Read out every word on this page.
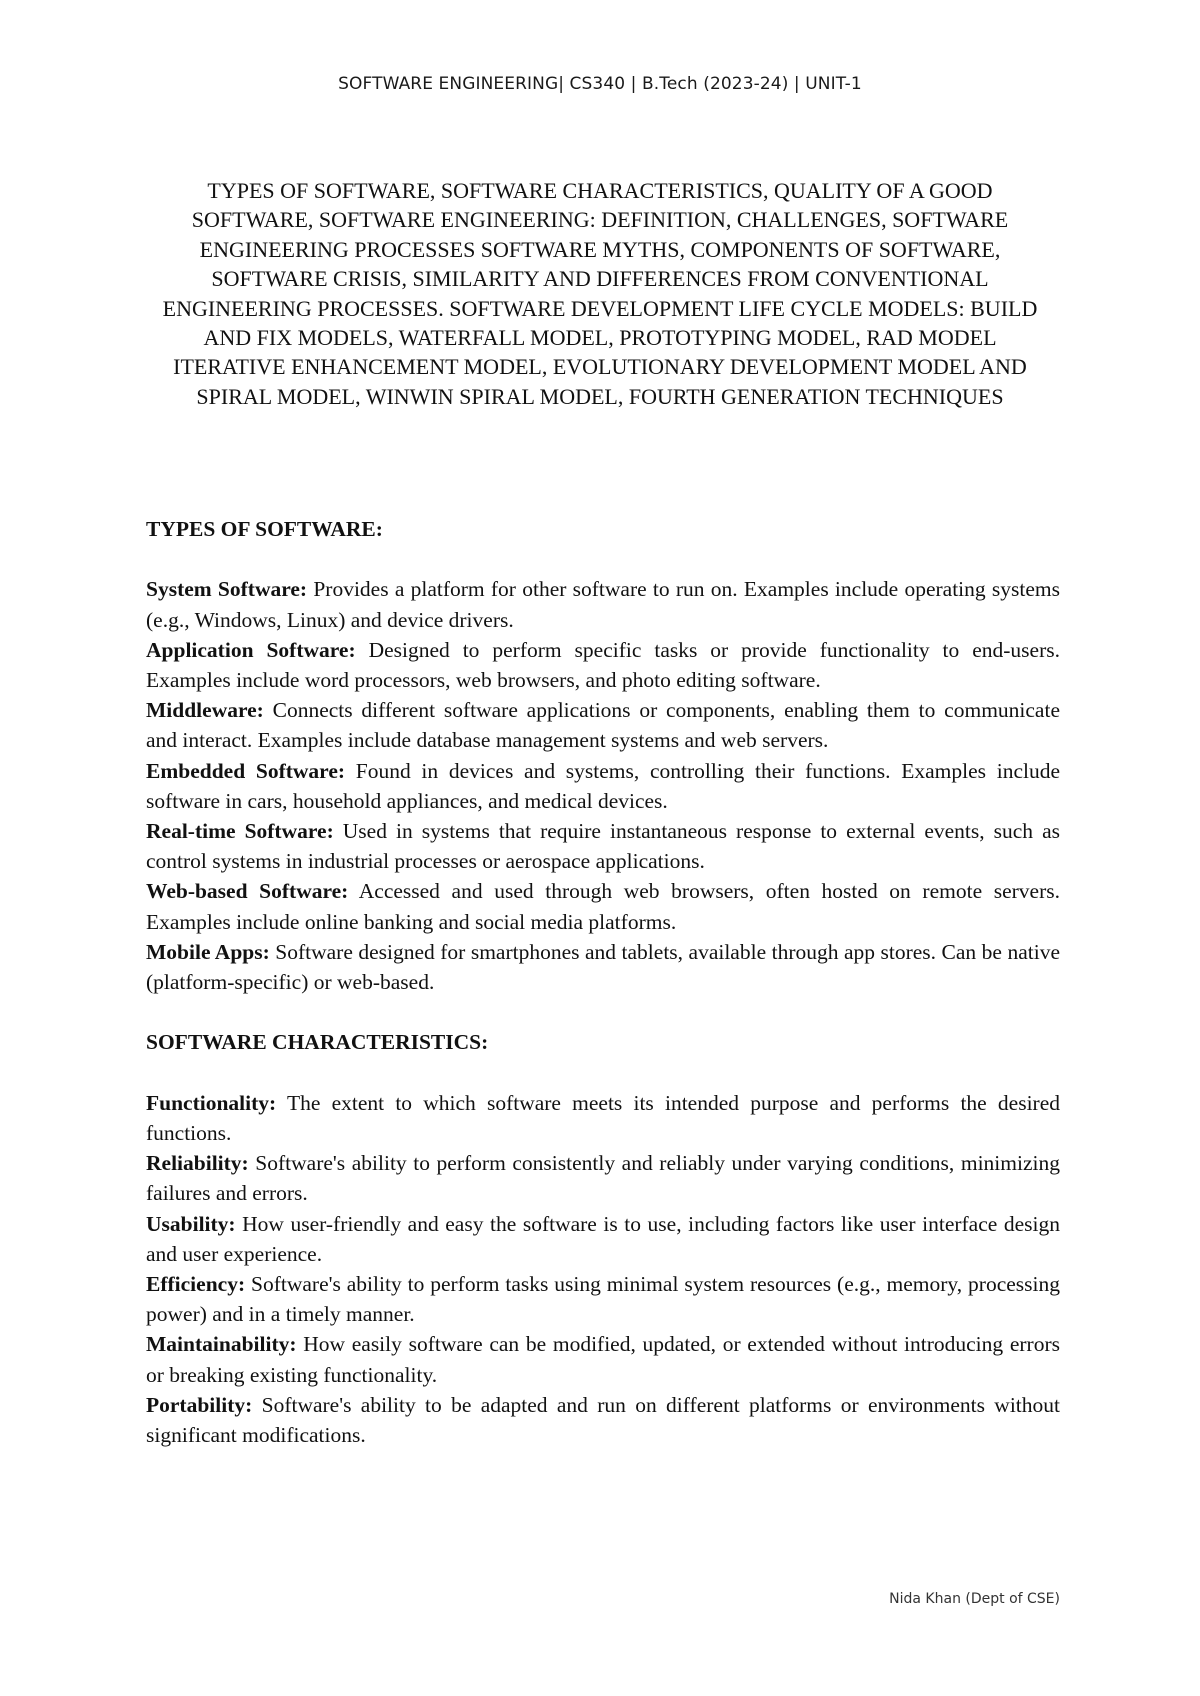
SOFTWARE ENGINEERING| CS340 | B.Tech (2023-24) | UNIT-1
TYPES OF SOFTWARE, SOFTWARE CHARACTERISTICS, QUALITY OF A GOOD SOFTWARE, SOFTWARE ENGINEERING: DEFINITION, CHALLENGES, SOFTWARE ENGINEERING PROCESSES SOFTWARE MYTHS, COMPONENTS OF SOFTWARE, SOFTWARE CRISIS, SIMILARITY AND DIFFERENCES FROM CONVENTIONAL ENGINEERING PROCESSES. SOFTWARE DEVELOPMENT LIFE CYCLE MODELS: BUILD AND FIX MODELS, WATERFALL MODEL, PROTOTYPING MODEL, RAD MODEL ITERATIVE ENHANCEMENT MODEL, EVOLUTIONARY DEVELOPMENT MODEL AND SPIRAL MODEL, WINWIN SPIRAL MODEL, FOURTH GENERATION TECHNIQUES
TYPES OF SOFTWARE:

System Software: Provides a platform for other software to run on. Examples include operating systems (e.g., Windows, Linux) and device drivers.

Application Software: Designed to perform specific tasks or provide functionality to end-users. Examples include word processors, web browsers, and photo editing software.

Middleware: Connects different software applications or components, enabling them to communicate and interact. Examples include database management systems and web servers.

Embedded Software: Found in devices and systems, controlling their functions. Examples include software in cars, household appliances, and medical devices.

Real-time Software: Used in systems that require instantaneous response to external events, such as control systems in industrial processes or aerospace applications.

Web-based Software: Accessed and used through web browsers, often hosted on remote servers. Examples include online banking and social media platforms.

Mobile Apps: Software designed for smartphones and tablets, available through app stores. Can be native (platform-specific) or web-based.

SOFTWARE CHARACTERISTICS:

Functionality: The extent to which software meets its intended purpose and performs the desired functions.

Reliability: Software's ability to perform consistently and reliably under varying conditions, minimizing failures and errors.

Usability: How user-friendly and easy the software is to use, including factors like user interface design and user experience.

Efficiency: Software's ability to perform tasks using minimal system resources (e.g., memory, processing power) and in a timely manner.

Maintainability: How easily software can be modified, updated, or extended without introducing errors or breaking existing functionality.

Portability: Software's ability to be adapted and run on different platforms or environments without significant modifications.

Nida Khan (Dept of CSE)
